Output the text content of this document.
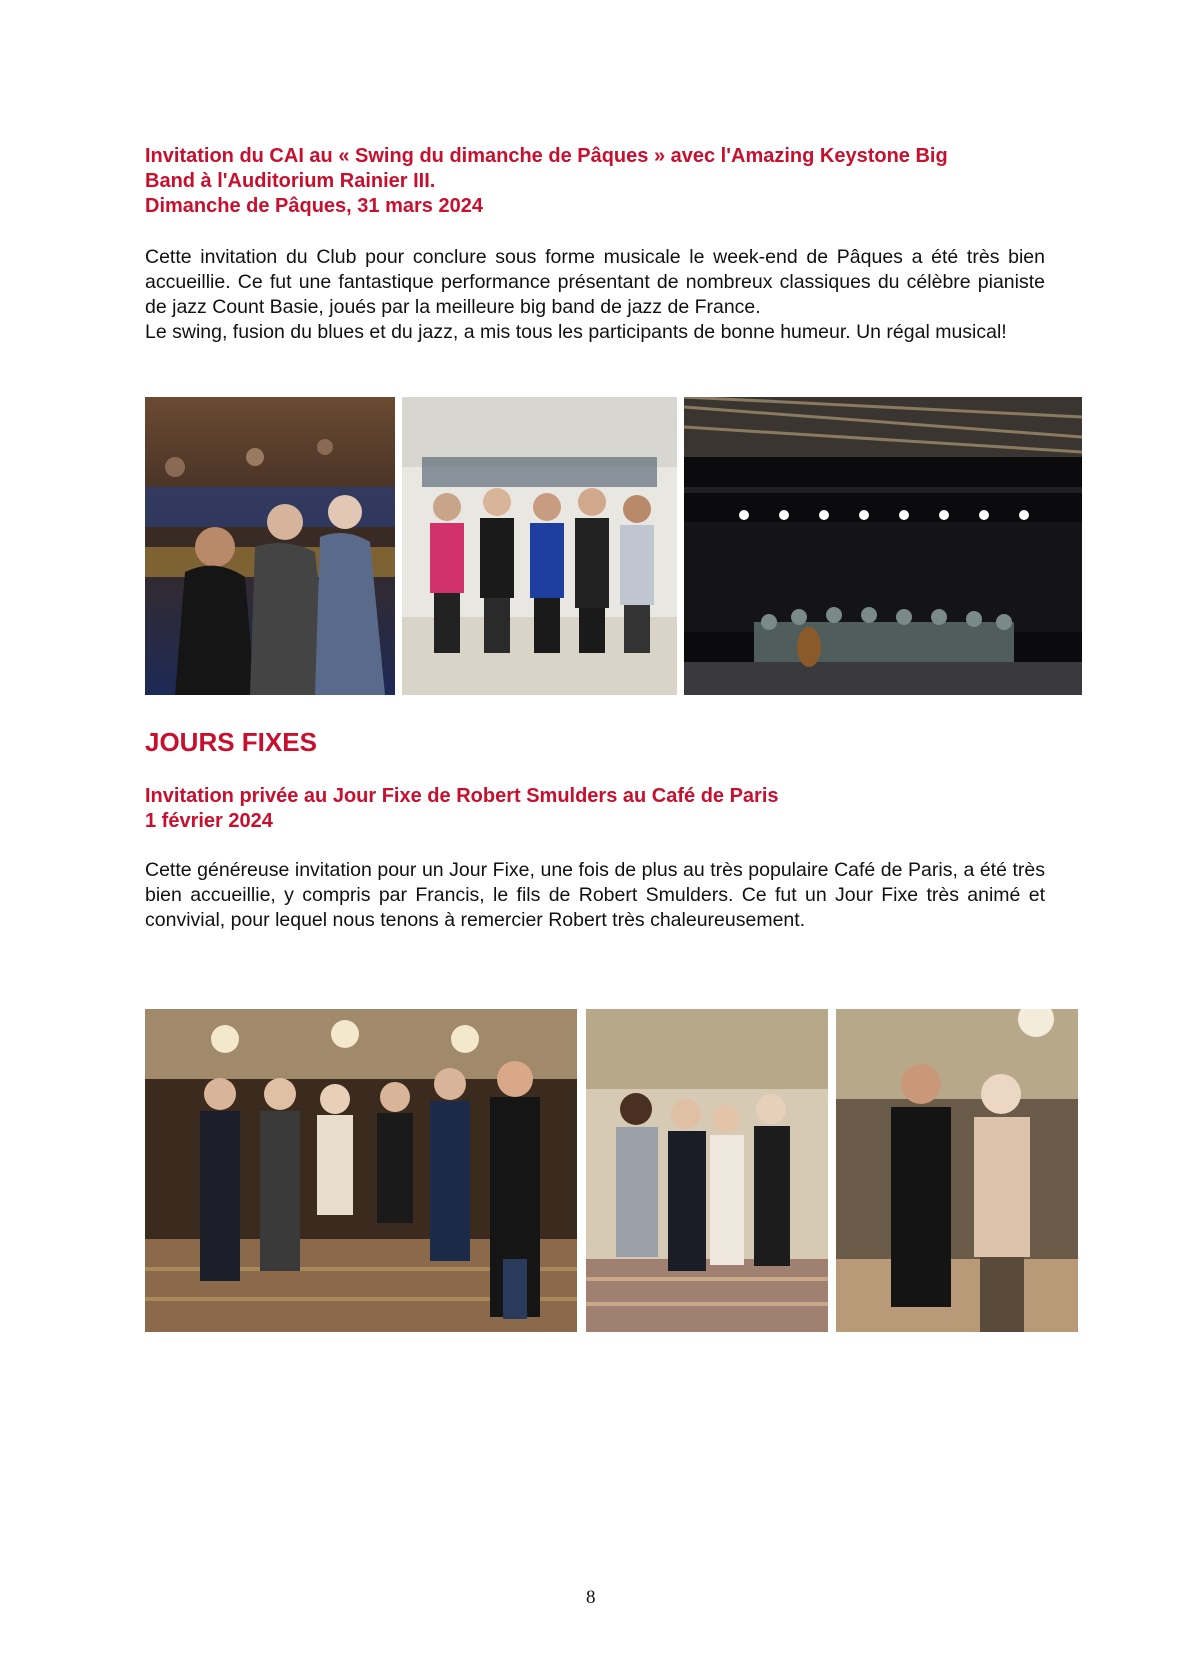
Invitation du CAI au « Swing du dimanche de Pâques » avec l'Amazing Keystone Big
Band à l'Auditorium Rainier III.
Dimanche de Pâques, 31 mars 2024
Cette invitation du Club pour conclure sous forme musicale le week-end de Pâques a été très bien accueillie. Ce fut une fantastique performance présentant de nombreux classiques du célèbre pianiste de jazz Count Basie, joués par la meilleure big band de jazz de France.
Le swing, fusion du blues et du jazz, a mis tous les participants de bonne humeur. Un régal musical!
JOURS FIXES
Invitation privée au Jour Fixe de Robert Smulders au Café de Paris
1 février 2024
Cette généreuse invitation pour un Jour Fixe, une fois de plus au très populaire Café de Paris, a été très bien accueillie, y compris par Francis, le fils de Robert Smulders. Ce fut un Jour Fixe très animé et convivial, pour lequel nous tenons à remercier Robert très chaleureusement.
8
